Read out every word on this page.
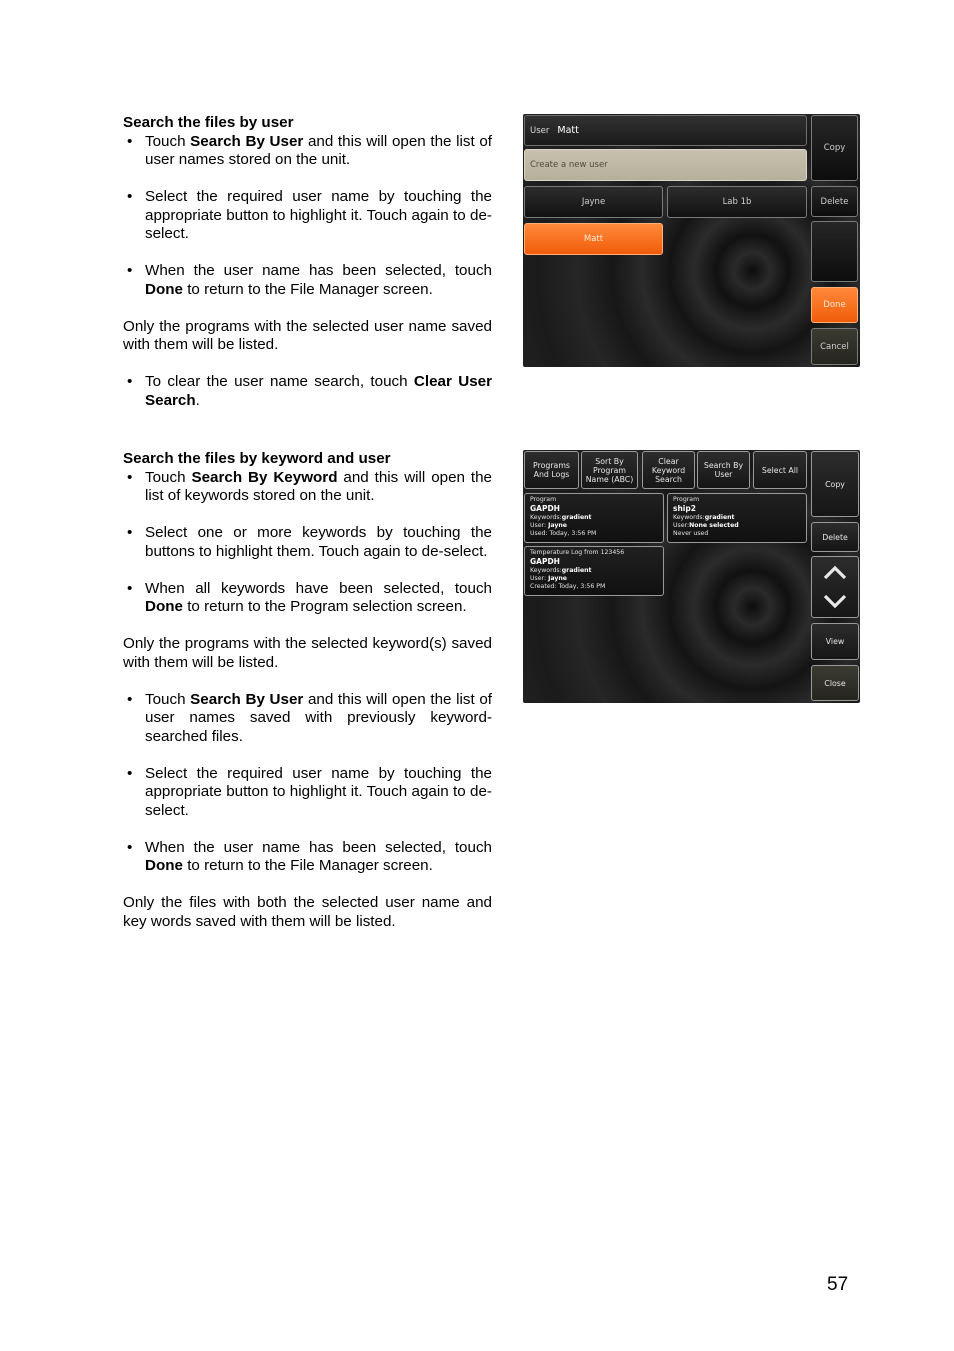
Search the files by user
• Touch Search By User and this will open the list of user names stored on the unit.
• Select the required user name by touching the appropriate button to highlight it. Touch again to de-select.
• When the user name has been selected, touch Done to return to the File Manager screen.

Only the programs with the selected user name saved with them will be listed.

• To clear the user name search, touch Clear User Search.
Search the files by keyword and user
• Touch Search By Keyword and this will open the list of keywords stored on the unit.
• Select one or more keywords by touching the buttons to highlight them. Touch again to de-select.
• When all keywords have been selected, touch Done to return to the Program selection screen.

Only the programs with the selected keyword(s) saved with them will be listed.

• Touch Search By User and this will open the list of user names saved with previously keyword-searched files.
• Select the required user name by touching the appropriate button to highlight it. Touch again to de-select.
• When the user name has been selected, touch Done to return to the File Manager screen.

Only the files with both the selected user name and key words saved with them will be listed.

User Matt
Create a new user
Jayne	Lab 1b
Matt
Copy
Delete
Done
Cancel
Programs And Logs
Sort By Program Name (ABC)
Clear Keyword Search
Search By User	Select All
Program
GAPDH
Keywords:gradient
User: Jayne
Used: Today, 3:56 PM
Program
ship2
Keywords:gradient
User:None selected
Never used
Temperature Log from 123456
GAPDH
Keywords:gradient
User: Jayne
Created: Today, 3:56 PM
Copy
Delete
View
Close
57
